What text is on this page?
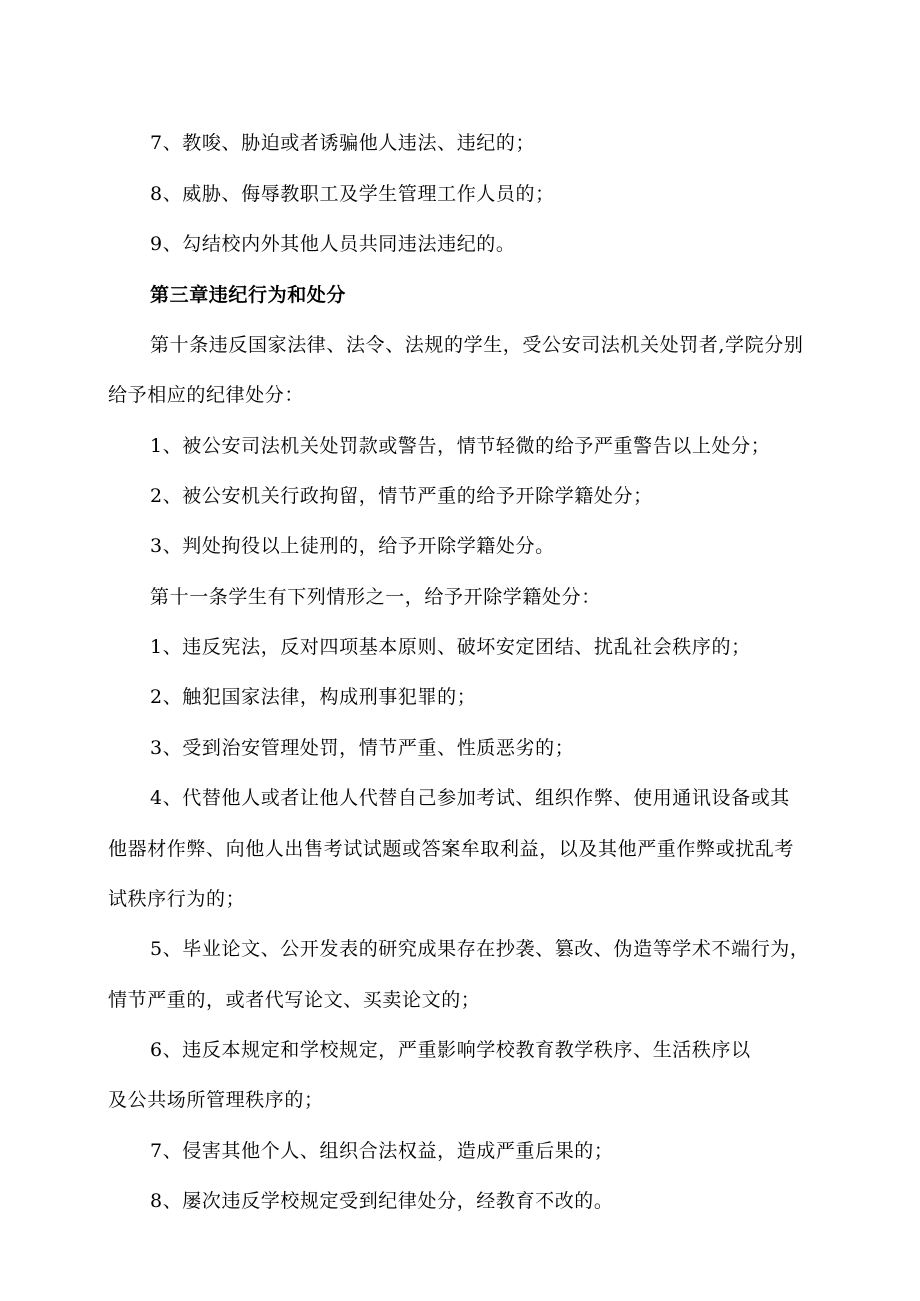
7、教唆、胁迫或者诱骗他人违法、违纪的；
8、威胁、侮辱教职工及学生管理工作人员的；
9、勾结校内外其他人员共同违法违纪的。
第三章违纪行为和处分
第十条违反国家法律、法令、法规的学生，受公安司法机关处罚者,学院分别
给予相应的纪律处分：
1、被公安司法机关处罚款或警告，情节轻微的给予严重警告以上处分；
2、被公安机关行政拘留，情节严重的给予开除学籍处分；
3、判处拘役以上徒刑的，给予开除学籍处分。
第十一条学生有下列情形之一，给予开除学籍处分：
1、违反宪法，反对四项基本原则、破坏安定团结、扰乱社会秩序的；
2、触犯国家法律，构成刑事犯罪的；
3、受到治安管理处罚，情节严重、性质恶劣的；
4、代替他人或者让他人代替自己参加考试、组织作弊、使用通讯设备或其
他器材作弊、向他人出售考试试题或答案牟取利益，以及其他严重作弊或扰乱考
试秩序行为的；
5、毕业论文、公开发表的研究成果存在抄袭、篡改、伪造等学术不端行为，
情节严重的，或者代写论文、买卖论文的；
6、违反本规定和学校规定，严重影响学校教育教学秩序、生活秩序以
及公共场所管理秩序的；
7、侵害其他个人、组织合法权益，造成严重后果的；
8、屡次违反学校规定受到纪律处分，经教育不改的。
